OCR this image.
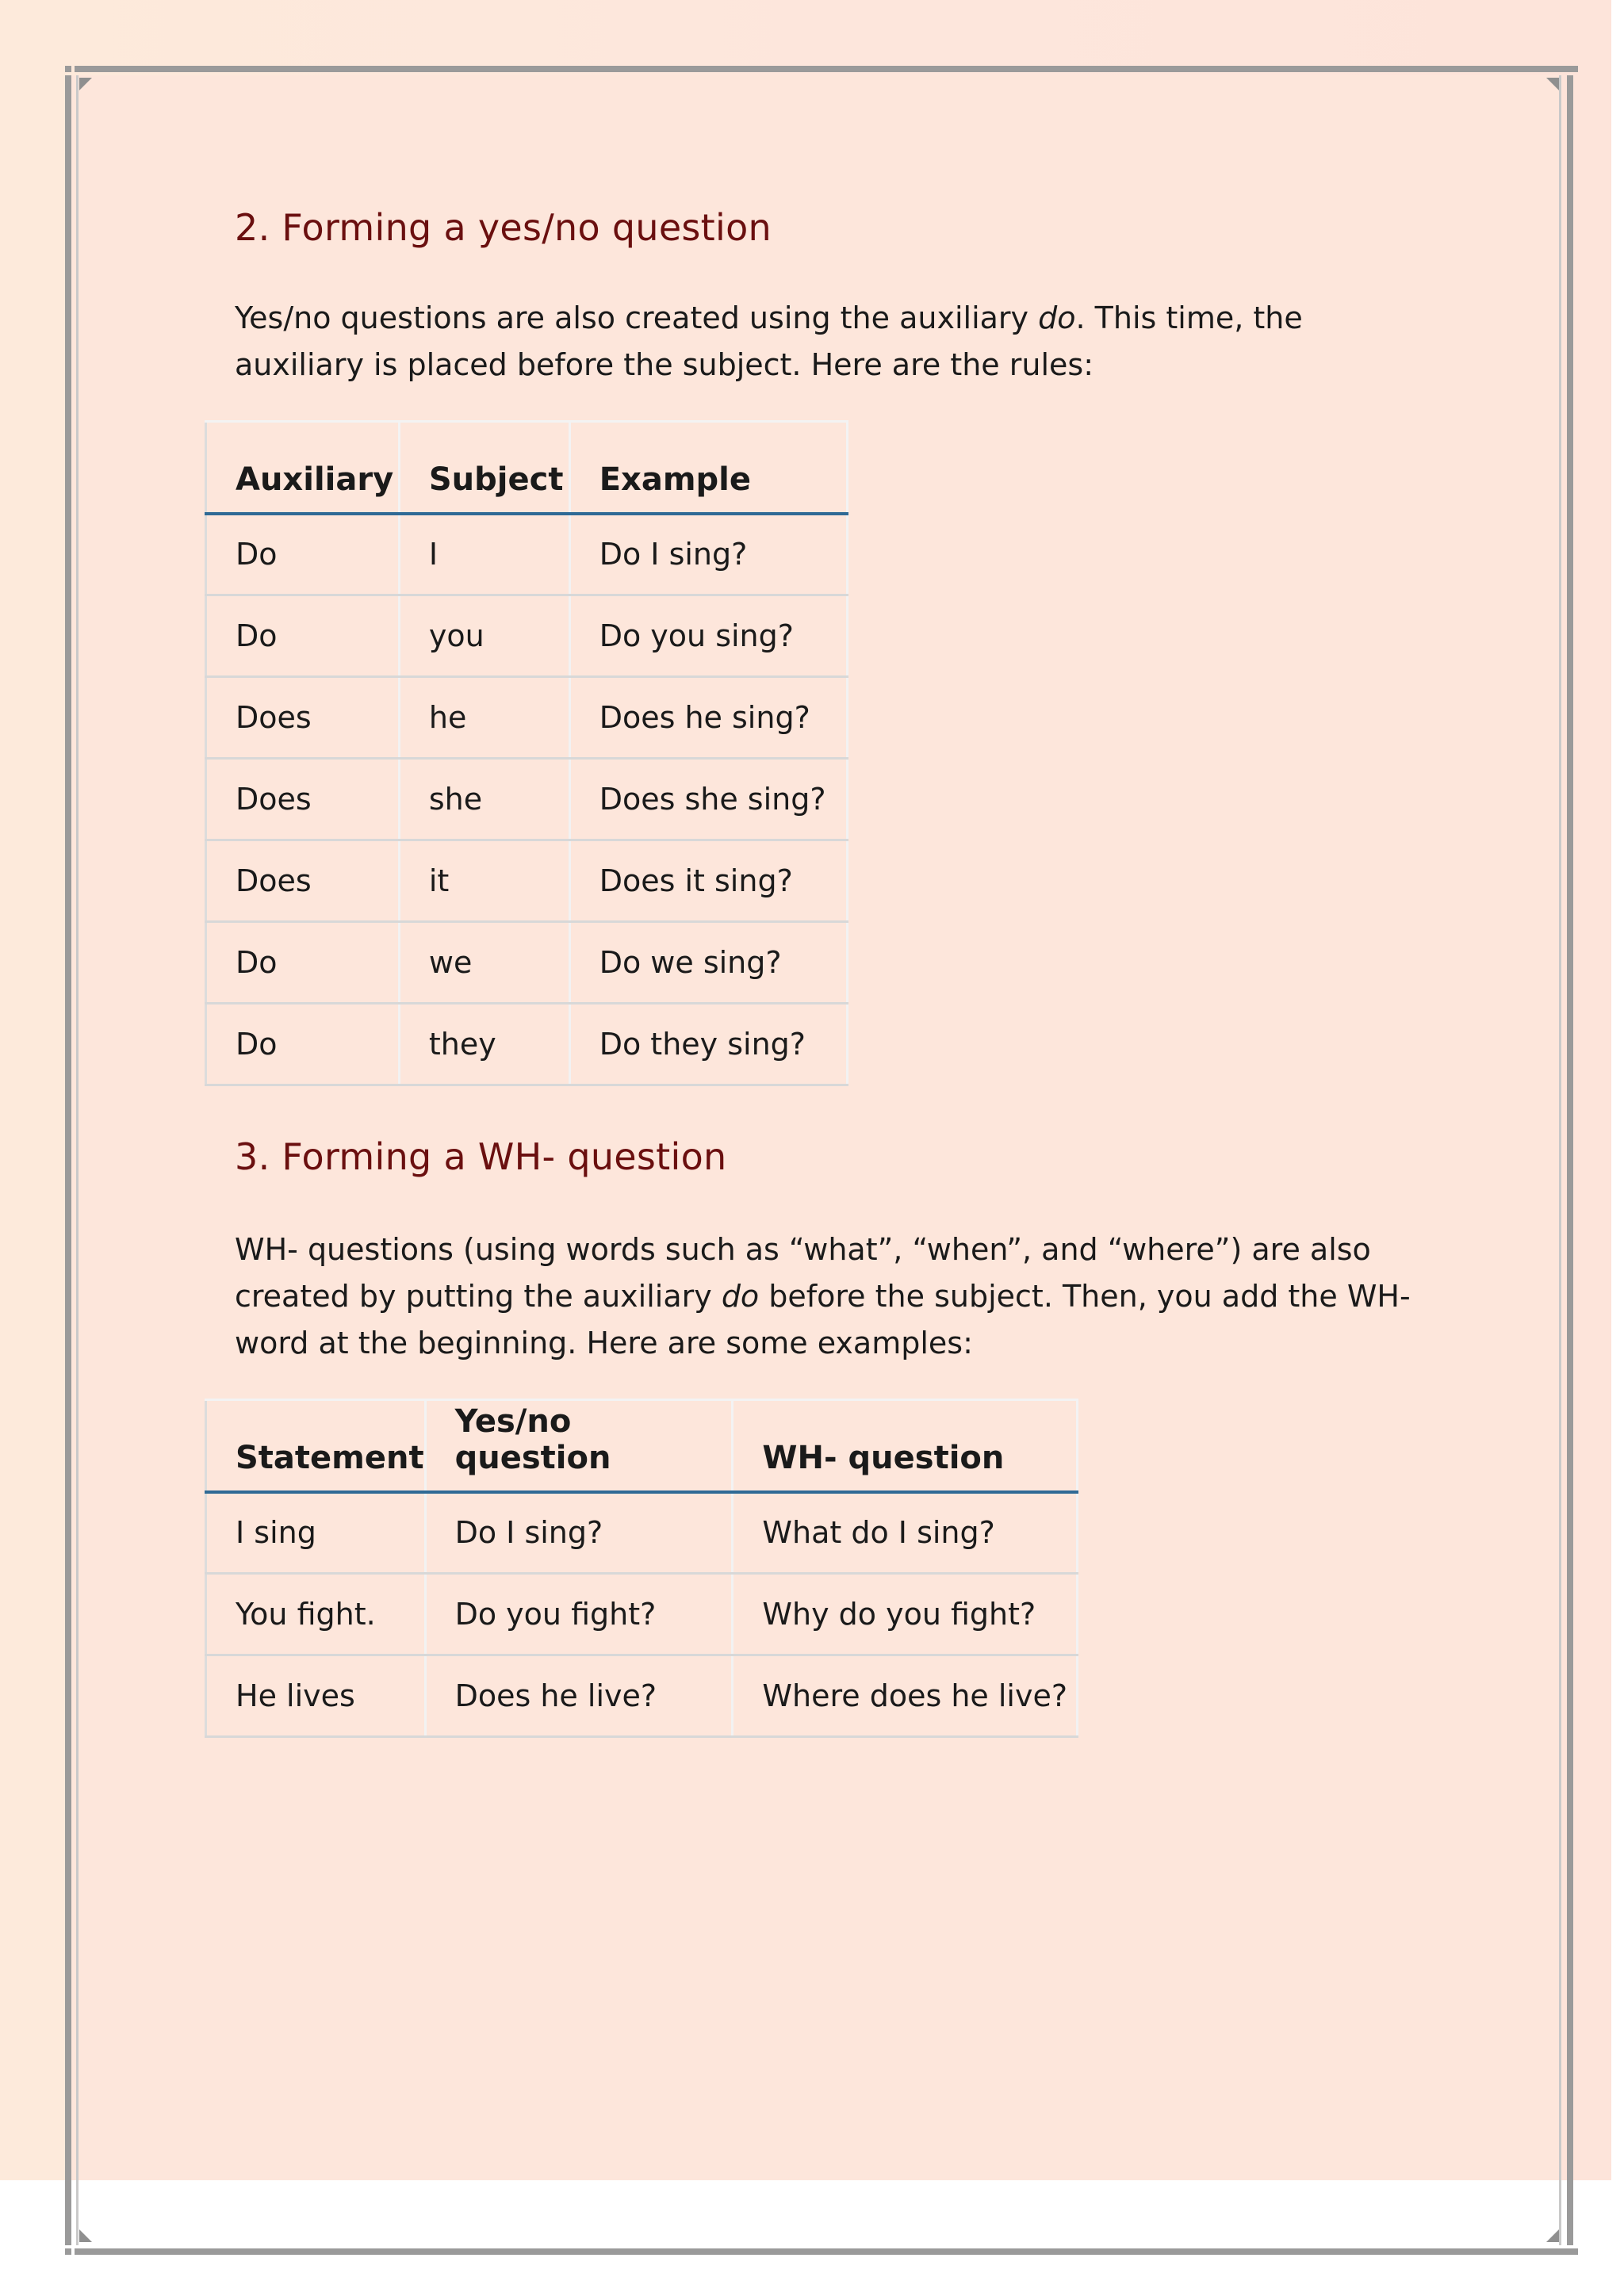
2. Forming a yes/no question

Yes/no questions are also created using the auxiliary do. This time, the
auxiliary is placed before the subject. Here are the rules:

Auxiliary	Subject	Example
Do	I	Do I sing?
Do	you	Do you sing?
Does	he	Does he sing?
Does	she	Does she sing?
Does	it	Does it sing?
Do	we	Do we sing?
Do	they	Do they sing?
3. Forming a WH- question

WH- questions (using words such as “what”, “when”, and “where”) are also
created by putting the auxiliary do before the subject. Then, you add the WH-
word at the beginning. Here are some examples:

Statement	Yes/no question	WH- question
I sing	Do I sing?	What do I sing?
You fight.	Do you fight?	Why do you fight?
He lives	Does he live?	Where does he live?
